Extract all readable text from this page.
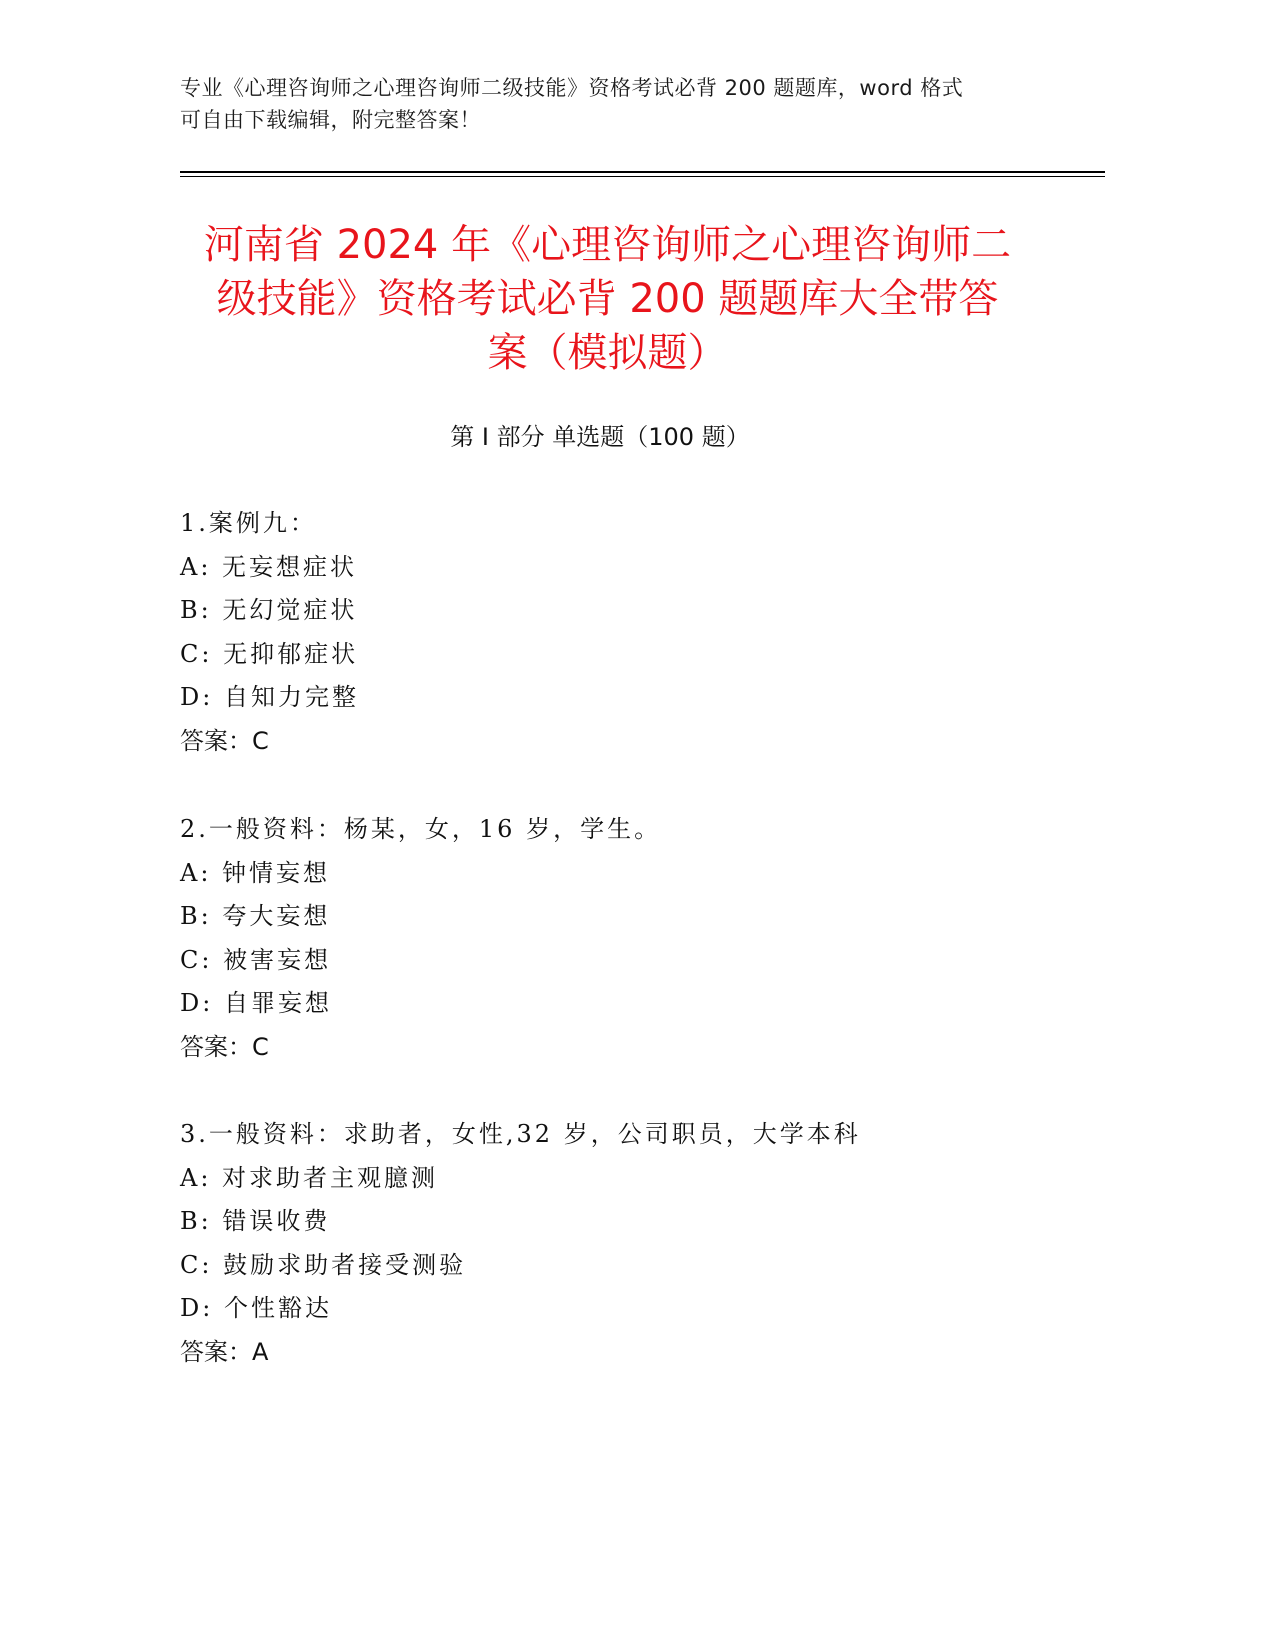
专业《心理咨询师之心理咨询师二级技能》资格考试必背 200 题题库，word 格式
可自由下载编辑，附完整答案！
河南省 2024 年《心理咨询师之心理咨询师二
级技能》资格考试必背 200 题题库大全带答
案（模拟题）
第 I 部分 单选题（100 题）
1.案例九：
A: 无妄想症状
B: 无幻觉症状
C: 无抑郁症状
D: 自知力完整
答案：C
2.一般资料：杨某，女，16 岁，学生。
A: 钟情妄想
B: 夸大妄想
C: 被害妄想
D: 自罪妄想
答案：C
3.一般资料：求助者，女性,32 岁，公司职员，大学本科
A: 对求助者主观臆测
B: 错误收费
C: 鼓励求助者接受测验
D: 个性豁达
答案：A
